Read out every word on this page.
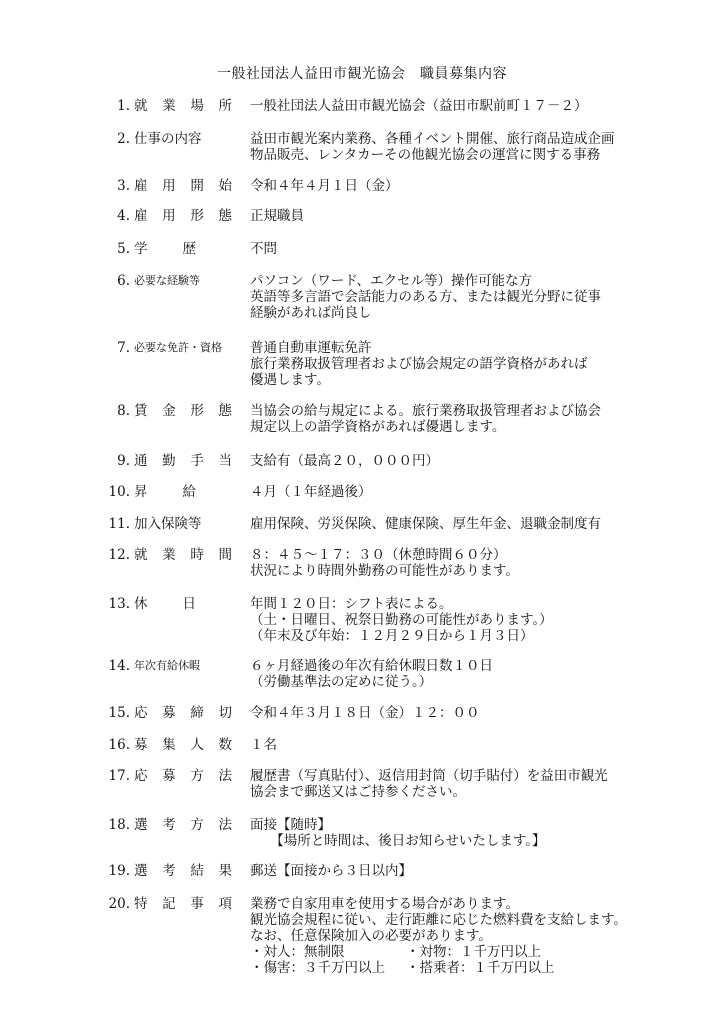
一般社団法人益田市観光協会　職員募集内容
1. 就業場所 一般社団法人益田市観光協会（益田市駅前町１７－２）
2. 仕事の内容	益田市観光案内業務、各種イベント開催、旅行商品造成企画
物品販売、レンタカーその他観光協会の運営に関する事務
3. 雇用開始 令和４年４月１日（金）
4. 雇用形態 正規職員
5. 学歴	不問
6. 必要な経験等	パソコン（ワード、エクセル等）操作可能な方
英語等多言語で会話能力のある方、または観光分野に従事
経験があれば尚良し
7. 必要な免許・資格	普通自動車運転免許
旅行業務取扱管理者および協会規定の語学資格があれば
優遇します。
8. 賃金形態 当協会の給与規定による。旅行業務取扱管理者および協会
規定以上の語学資格があれば優遇します。
9. 通勤手当 支給有（最高２０，０００円）
10. 昇給	４月（１年経過後）
11. 加入保険等	雇用保険、労災保険、健康保険、厚生年金、退職金制度有
12. 就業時間 ８：４５～１７：３０（休憩時間６０分）
状況により時間外勤務の可能性があります。
13. 休日	年間１２０日：シフト表による。
（土・日曜日、祝祭日勤務の可能性があります。）
（年末及び年始：１２月２９日から１月３日）
14. 年次有給休暇	６ヶ月経過後の年次有給休暇日数１０日
（労働基準法の定めに従う。）
15. 応募締切 令和４年３月１８日（金）１２：００
16. 募集人数 １名
17. 応募方法 履歴書（写真貼付）、返信用封筒（切手貼付）を益田市観光
協会まで郵送又はご持参ください。
18. 選考方法 面接【随時】
　　【場所と時間は、後日お知らせいたします。】
19. 選考結果 郵送【面接から３日以内】
20. 特記事項 業務で自家用車を使用する場合があります。
観光協会規程に従い、走行距離に応じた燃料費を支給します。
なお、任意保険加入の必要があります。
・対人：無制限	・対物：１千万円以上
・傷害：３千万円以上	・搭乗者：１千万円以上
